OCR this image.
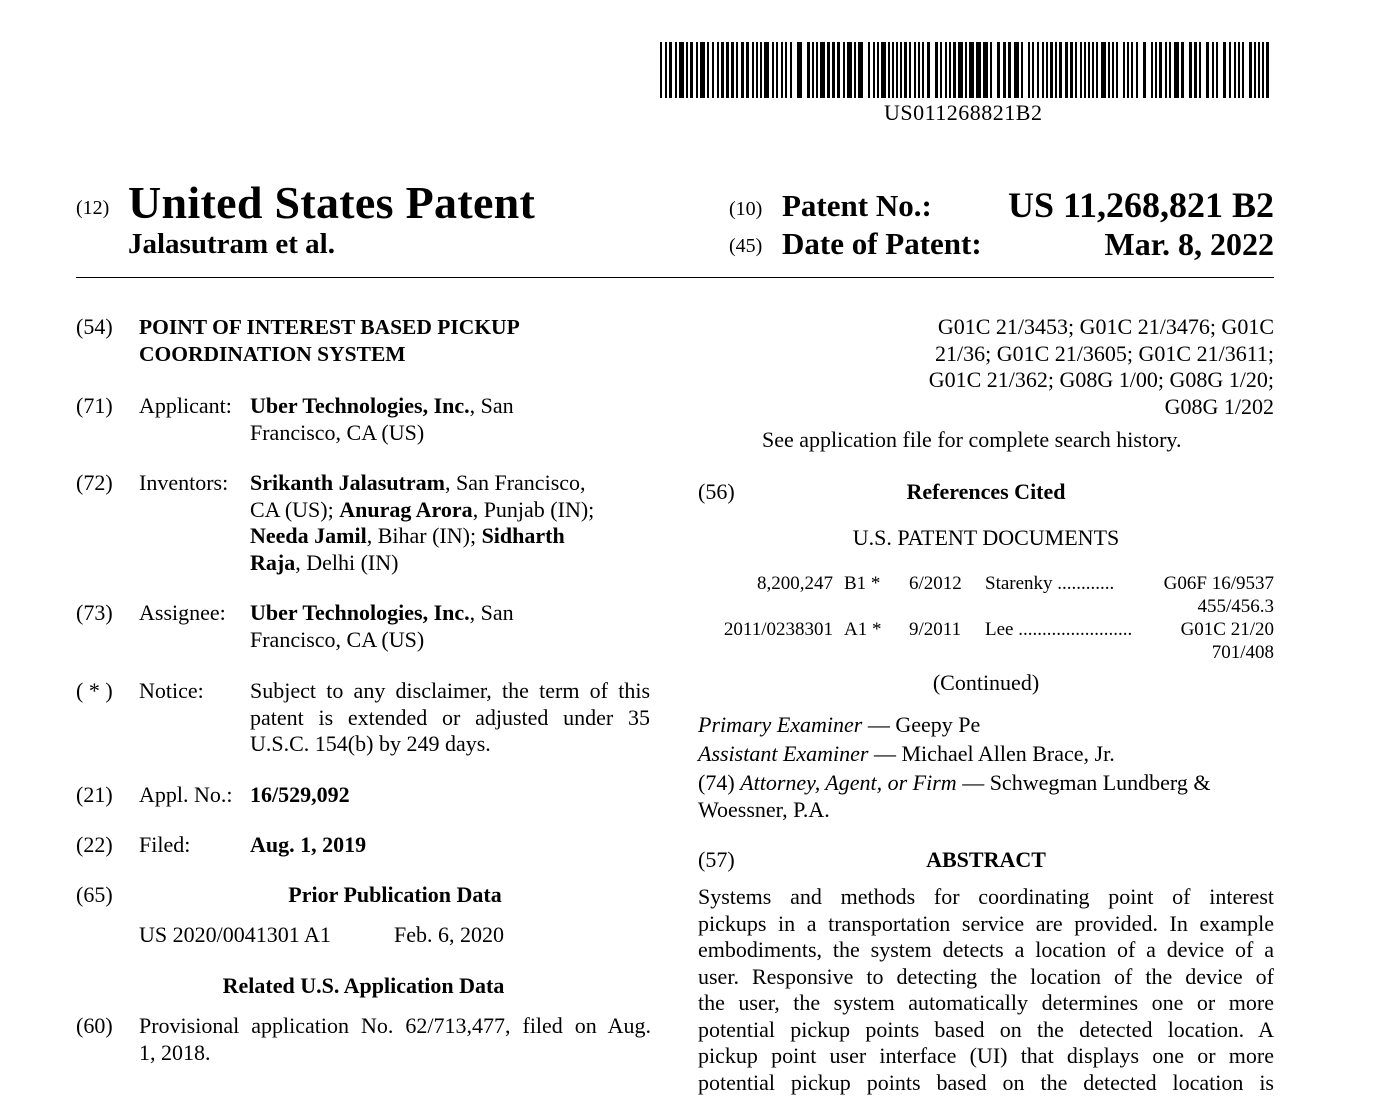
US011268821B2
(12) United States Patent
Jalasutram et al.
(10) Patent No.: US 11,268,821 B2
(45) Date of Patent:	Mar. 8, 2022
(54) POINT OF INTEREST BASED PICKUP
COORDINATION SYSTEM
(71) Applicant: Uber Technologies, Inc., San
Francisco, CA (US)
(72) Inventors: Srikanth Jalasutram, San Francisco,
CA (US); Anurag Arora, Punjab (IN);
Needa Jamil, Bihar (IN); Sidharth
Raja, Delhi (IN)
(73) Assignee: Uber Technologies, Inc., San
Francisco, CA (US)
( * ) Notice: Subject to any disclaimer, the term of this
patent is extended or adjusted under 35
U.S.C. 154(b) by 249 days.
(21) Appl. No.: 16/529,092
(22) Filed:	Aug. 1, 2019
(65)	Prior Publication Data
US 2020/0041301 A1	Feb. 6, 2020
Related U.S. Application Data
(60) Provisional application No. 62/713,477, filed on Aug.
1, 2018.
G01C 21/3453; G01C 21/3476; G01C
21/36; G01C 21/3605; G01C 21/3611;
G01C 21/362; G08G 1/00; G08G 1/20;
G08G 1/202
See application file for complete search history.
(56)	References Cited
U.S. PATENT DOCUMENTS
8,200,247 B1 * 6/2012 Starenky ............	G06F 16/9537
455/456.3
2011/0238301 A1 * 9/2011 Lee ........................	G01C 21/20
701/408
(Continued)
Primary Examiner — Geepy Pe
Assistant Examiner — Michael Allen Brace, Jr.
(74) Attorney, Agent, or Firm — Schwegman Lundberg &
Woessner, P.A.
(57)	ABSTRACT
Systems and methods for coordinating point of interest
pickups in a transportation service are provided. In example
embodiments, the system detects a location of a device of a
user. Responsive to detecting the location of the device of
the user, the system automatically determines one or more
potential pickup points based on the detected location. A
pickup point user interface (UI) that displays one or more
potential pickup points based on the detected location is
